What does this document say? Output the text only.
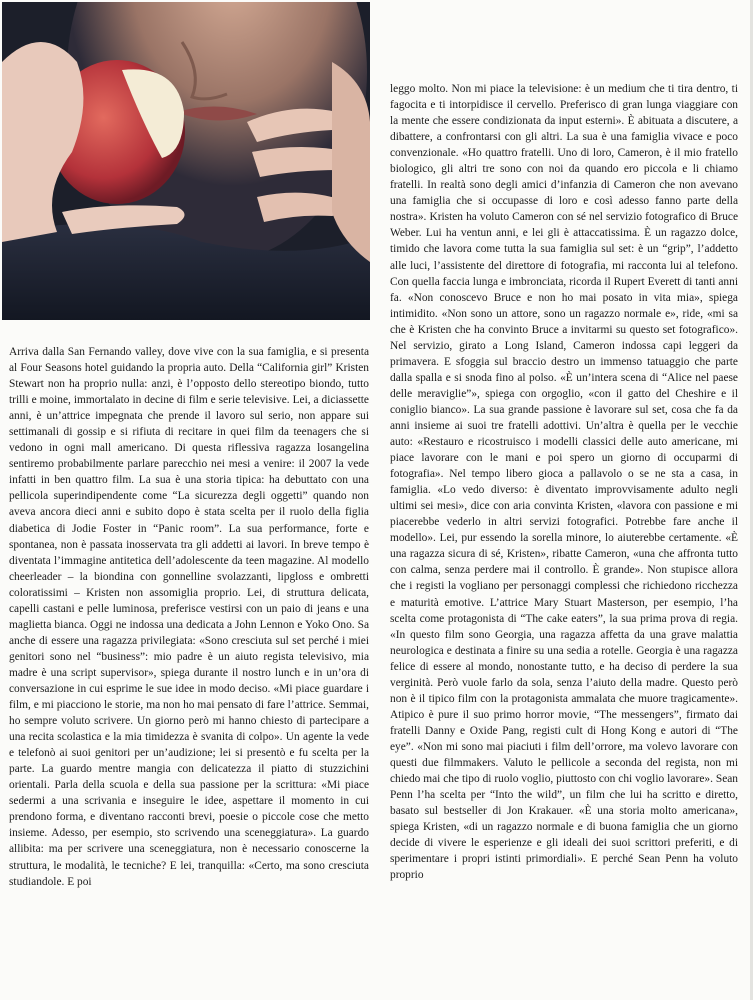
Arriva dalla San Fernando valley, dove vive con la sua famiglia, e si presenta al Four Seasons hotel guidando la propria auto. Della “California girl” Kristen Stewart non ha proprio nulla: anzi, è l’opposto dello stereotipo biondo, tutto trilli e moine, immortalato in decine di film e serie televisive. Lei, a diciassette anni, è un’attrice impegnata che prende il lavoro sul serio, non appare sui settimanali di gossip e si rifiuta di recitare in quei film da teenagers che si vedono in ogni mall americano. Di questa riflessiva ragazza losangelina sentiremo probabilmente parlare parecchio nei mesi a venire: il 2007 la vede infatti in ben quattro film. La sua è una storia tipica: ha debuttato con una pellicola superindipendente come “La sicurezza degli oggetti” quando non aveva ancora dieci anni e subito dopo è stata scelta per il ruolo della figlia diabetica di Jodie Foster in “Panic room”. La sua performance, forte e spontanea, non è passata inosservata tra gli addetti ai lavori. In breve tempo è diventata l’immagine antitetica dell’adolescente da teen magazine. Al modello cheerleader – la biondina con gonnelline svolazzanti, lipgloss e ombretti coloratissimi – Kristen non assomiglia proprio. Lei, di struttura delicata, capelli castani e pelle luminosa, preferisce vestirsi con un paio di jeans e una maglietta bianca. Oggi ne indossa una dedicata a John Lennon e Yoko Ono. Sa anche di essere una ragazza privilegiata: «Sono cresciuta sul set perché i miei genitori sono nel “business”: mio padre è un aiuto regista televisivo, mia madre è una script supervisor», spiega durante il nostro lunch e in un’ora di conversazione in cui esprime le sue idee in modo deciso. «Mi piace guardare i film, e mi piacciono le storie, ma non ho mai pensato di fare l’attrice. Semmai, ho sempre voluto scrivere. Un giorno però mi hanno chiesto di partecipare a una recita scolastica e la mia timidezza è svanita di colpo». Un agente la vede e telefonò ai suoi genitori per un’audizione; lei si presentò e fu scelta per la parte. La guardo mentre mangia con delicatezza il piatto di stuzzichini orientali. Parla della scuola e della sua passione per la scrittura: «Mi piace sedermi a una scrivania e inseguire le idee, aspettare il momento in cui prendono forma, e diventano racconti brevi, poesie o piccole cose che metto insieme. Adesso, per esempio, sto scrivendo una sceneggiatura». La guardo allibita: ma per scrivere una sceneggiatura, non è necessario conoscerne la struttura, le modalità, le tecniche? E lei, tranquilla: «Certo, ma sono cresciuta studiandole. E poi

leggo molto. Non mi piace la televisione: è un medium che ti tira dentro, ti fagocita e ti intorpidisce il cervello. Preferisco di gran lunga viaggiare con la mente che essere condizionata da input esterni». È abituata a discutere, a dibattere, a confrontarsi con gli altri. La sua è una famiglia vivace e poco convenzionale. «Ho quattro fratelli. Uno di loro, Cameron, è il mio fratello biologico, gli altri tre sono con noi da quando ero piccola e li chiamo fratelli. In realtà sono degli amici d’infanzia di Cameron che non avevano una famiglia che si occupasse di loro e così adesso fanno parte della nostra». Kristen ha voluto Cameron con sé nel servizio fotografico di Bruce Weber. Lui ha ventun anni, e lei gli è attaccatissima. È un ragazzo dolce, timido che lavora come tutta la sua famiglia sul set: è un “grip”, l’addetto alle luci, l’assistente del direttore di fotografia, mi racconta lui al telefono. Con quella faccia lunga e imbronciata, ricorda il Rupert Everett di tanti anni fa. «Non conoscevo Bruce e non ho mai posato in vita mia», spiega intimidito. «Non sono un attore, sono un ragazzo normale e», ride, «mi sa che è Kristen che ha convinto Bruce a invitarmi su questo set fotografico». Nel servizio, girato a Long Island, Cameron indossa capi leggeri da primavera. E sfoggia sul braccio destro un immenso tatuaggio che parte dalla spalla e si snoda fino al polso. «È un’intera scena di “Alice nel paese delle meraviglie”», spiega con orgoglio, «con il gatto del Cheshire e il coniglio bianco». La sua grande passione è lavorare sul set, cosa che fa da anni insieme ai suoi tre fratelli adottivi. Un’altra è quella per le vecchie auto: «Restauro e ricostruisco i modelli classici delle auto americane, mi piace lavorare con le mani e poi spero un giorno di occuparmi di fotografia». Nel tempo libero gioca a pallavolo o se ne sta a casa, in famiglia. «Lo vedo diverso: è diventato improvvisamente adulto negli ultimi sei mesi», dice con aria convinta Kristen, «lavora con passione e mi piacerebbe vederlo in altri servizi fotografici. Potrebbe fare anche il modello». Lei, pur essendo la sorella minore, lo aiuterebbe certamente. «È una ragazza sicura di sé, Kristen», ribatte Cameron, «una che affronta tutto con calma, senza perdere mai il controllo. È grande». Non stupisce allora che i registi la vogliano per personaggi complessi che richiedono ricchezza e maturità emotive. L’attrice Mary Stuart Masterson, per esempio, l’ha scelta come protagonista di “The cake eaters”, la sua prima prova di regia. «In questo film sono Georgia, una ragazza affetta da una grave malattia neurologica e destinata a finire su una sedia a rotelle. Georgia è una ragazza felice di essere al mondo, nonostante tutto, e ha deciso di perdere la sua verginità. Però vuole farlo da sola, senza l’aiuto della madre. Questo però non è il tipico film con la protagonista ammalata che muore tragicamente». Atipico è pure il suo primo horror movie, “The messengers”, firmato dai fratelli Danny e Oxide Pang, registi cult di Hong Kong e autori di “The eye”. «Non mi sono mai piaciuti i film dell’orrore, ma volevo lavorare con questi due filmmakers. Valuto le pellicole a seconda del regista, non mi chiedo mai che tipo di ruolo voglio, piuttosto con chi voglio lavorare». Sean Penn l’ha scelta per “Into the wild”, un film che lui ha scritto e diretto, basato sul bestseller di Jon Krakauer. «È una storia molto americana», spiega Kristen, «di un ragazzo normale e di buona famiglia che un giorno decide di vivere le esperienze e gli ideali dei suoi scrittori preferiti, e di sperimentare i propri istinti primordiali». E perché Sean Penn ha voluto proprio
